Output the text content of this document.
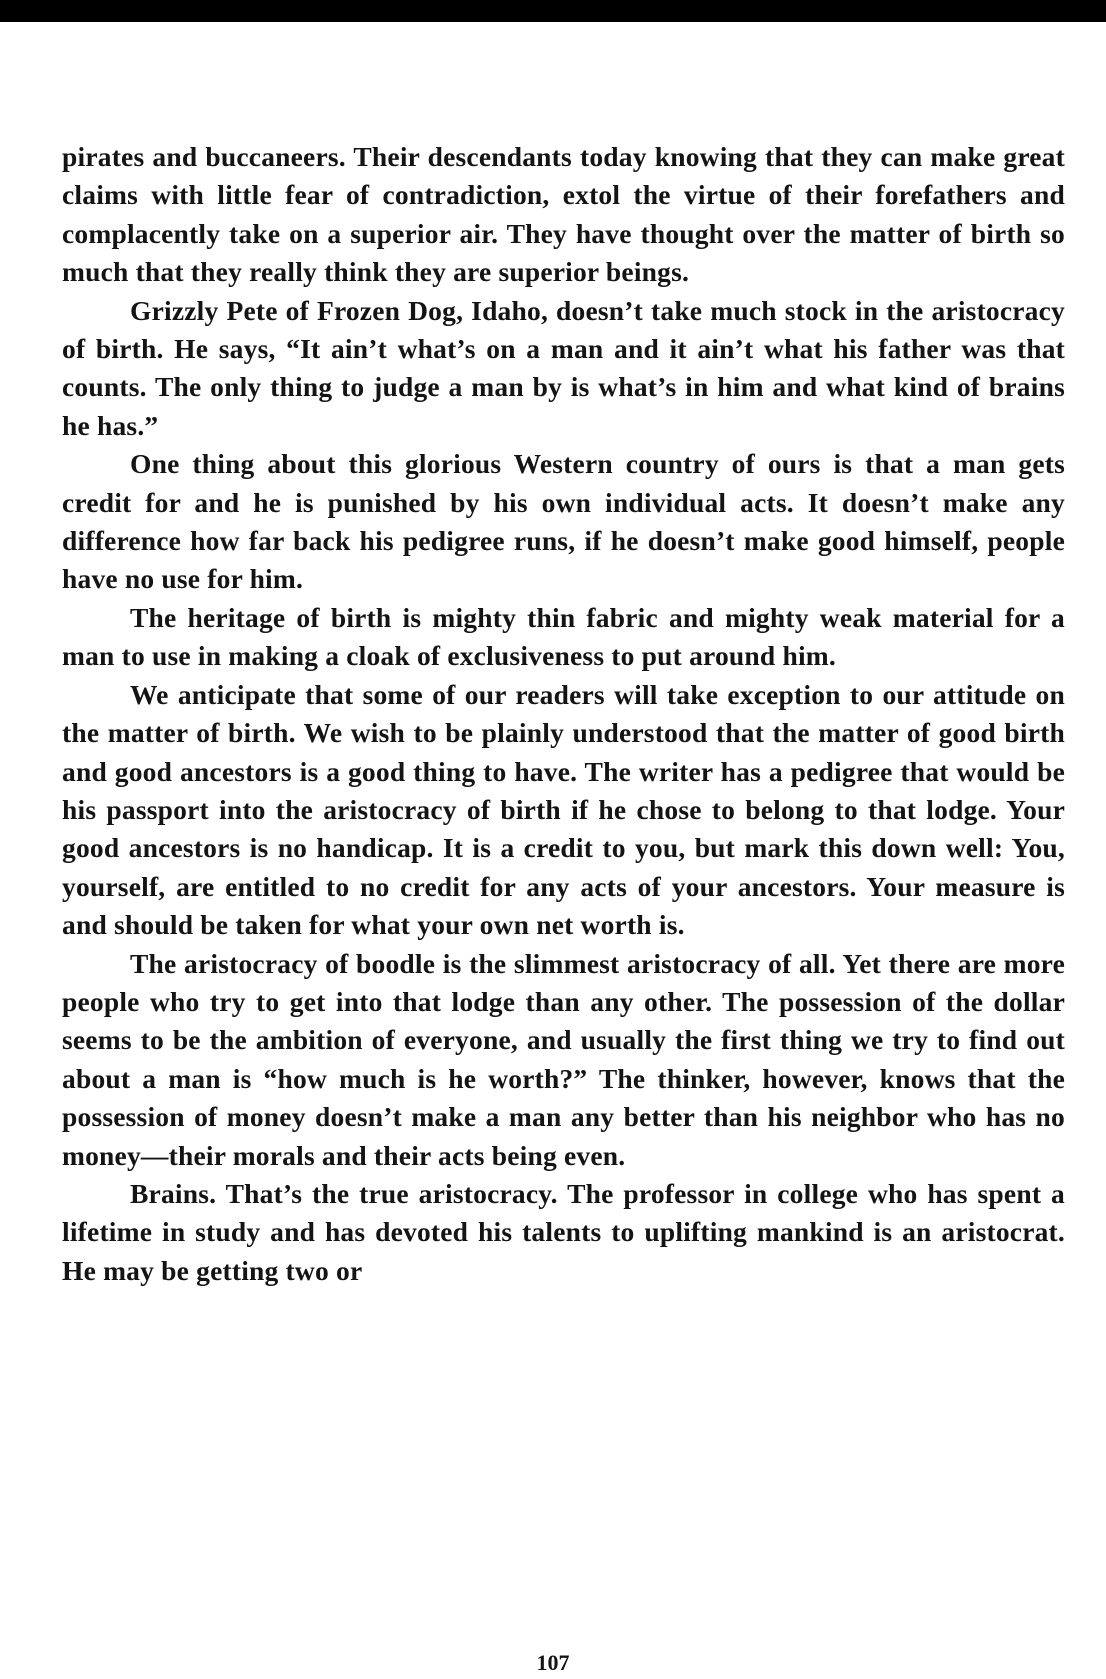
pirates and buccaneers. Their descendants today knowing that they can make great claims with little fear of contradiction, extol the virtue of their forefathers and complacently take on a superior air. They have thought over the matter of birth so much that they really think they are superior beings.

Grizzly Pete of Frozen Dog, Idaho, doesn’t take much stock in the aristocracy of birth. He says, “It ain’t what’s on a man and it ain’t what his father was that counts. The only thing to judge a man by is what’s in him and what kind of brains he has.”

One thing about this glorious Western country of ours is that a man gets credit for and he is punished by his own individual acts. It doesn’t make any difference how far back his pedigree runs, if he doesn’t make good himself, people have no use for him.

The heritage of birth is mighty thin fabric and mighty weak material for a man to use in making a cloak of exclusiveness to put around him.

We anticipate that some of our readers will take exception to our attitude on the matter of birth. We wish to be plainly understood that the matter of good birth and good ancestors is a good thing to have. The writer has a pedigree that would be his passport into the aristocracy of birth if he chose to belong to that lodge. Your good ancestors is no handicap. It is a credit to you, but mark this down well: You, yourself, are entitled to no credit for any acts of your ancestors. Your measure is and should be taken for what your own net worth is.

The aristocracy of boodle is the slimmest aristocracy of all. Yet there are more people who try to get into that lodge than any other. The possession of the dollar seems to be the ambition of everyone, and usually the first thing we try to find out about a man is “how much is he worth?” The thinker, however, knows that the possession of money doesn’t make a man any better than his neighbor who has no money—their morals and their acts being even.

Brains. That’s the true aristocracy. The professor in college who has spent a lifetime in study and has devoted his talents to uplifting mankind is an aristocrat. He may be getting two or

107
